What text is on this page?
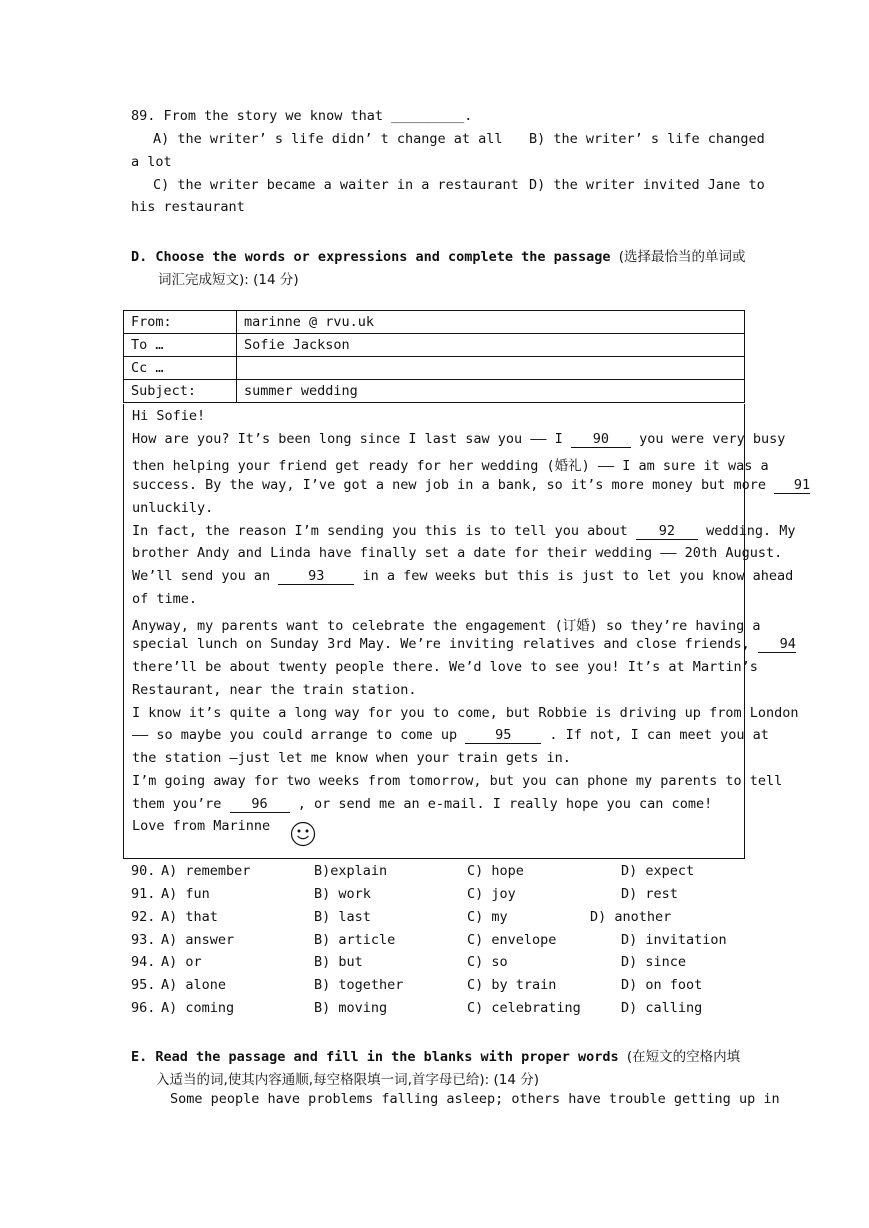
89. From the story we know that _________.
A) the writer’ s life didn’ t change at all B) the writer’ s life changed
a lot
C) the writer became a waiter in a restaurant D) the writer invited Jane to
his restaurant
D. Choose the words or expressions and complete the passage (选择最恰当的单词或
词汇完成短文): (14 分)
From:	marinne @ rvu.uk
To …	Sofie Jackson
Cc …	
Subject:	summer wedding
Hi Sofie!
How are you? It’s been long since I last saw you —— I 90 you were very busy
then helping your friend get ready for her wedding (婚礼) —— I am sure it was a
success. By the way, I’ve got a new job in a bank, so it’s more money but more 91
unluckily.
In fact, the reason I’m sending you this is to tell you about 92 wedding. My
brother Andy and Linda have finally set a date for their wedding —— 20th August.
We’ll send you an	93	in a few weeks but this is just to let you know ahead
of time.
Anyway, my parents want to celebrate the engagement (订婚) so they’re having a
special lunch on Sunday 3rd May. We’re inviting relatives and close friends, 94
there’ll be about twenty people there. We’d love to see you! It’s at Martin’s
Restaurant, near the train station.
I know it’s quite a long way for you to come, but Robbie is driving up from London
—— so maybe you could arrange to come up	95	. If not, I can meet you at
the station —just let me know when your train gets in.
I’m going away for two weeks from tomorrow, but you can phone my parents to tell
them you’re 96 , or send me an e-mail. I really hope you can come!
Love from Marinne
90. A) remember	B)explain	C) hope	D) expect
91. A) fun	B) work	C) joy	D) rest
92. A) that	B) last	C) my	D) another
93. A) answer	B) article	C) envelope	D) invitation
94. A) or	B) but	C) so	D) since
95. A) alone	B) together	C) by train	D) on foot
96. A) coming	B) moving	C) celebrating	D) calling
E. Read the passage and fill in the blanks with proper words (在短文的空格内填
入适当的词,使其内容通顺,每空格限填一词,首字母已给): (14 分)
Some people have problems falling asleep; others have trouble getting up in
